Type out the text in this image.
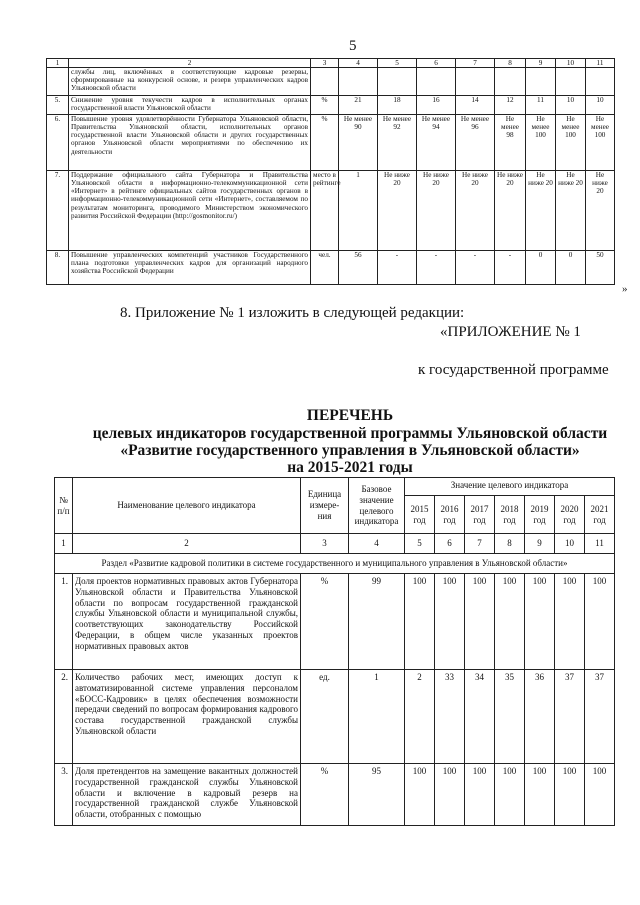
5
1	2	3	4	5	6	7	8	9	10	11
	службы лиц, включённых в соответствующие кадровые резервы, сформированные на конкурсной основе, и резерв управленческих кадров Ульяновской области									
5.	Снижение уровня текучести кадров в исполнительных органах государственной власти Ульяновской области	%	21	18	16	14	12	11	10	10
6.	Повышение уровня удовлетворённости Губернатора Ульяновской области, Правительства Ульяновской области, исполнительных органов государственной власти Ульяновской области и других государственных органов Ульяновской области мероприятиями по обеспечению их деятельности	%	Не менее 90	Не менее 92	Не менее 94	Не менее 96	Не менее 98	Не менее 100	Не менее 100	Не менее 100
7.	Поддержание официального сайта Губернатора и Правительства Ульяновской области в информационно-телекоммуникационной сети «Интернет» в рейтинге официальных сайтов государственных органов в информационно-телекоммуникационной сети «Интернет», составляемом по результатам мониторинга, проводимого Министерством экономического развития Российской Федерации (http://gosmonitor.ru/)	место в рейтинге	1	Не ниже 20	Не ниже 20	Не ниже 20	Не ниже 20	Не ниже 20	Не ниже 20	Не ниже 20
8.	Повышение управленческих компетенций участников Государственного плана подготовки управленческих кадров для организаций народного хозяйства Российской Федерации	чел.	56	-	-	-	-	0	0	50
»
8. Приложение № 1 изложить в следующей редакции:
«ПРИЛОЖЕНИЕ № 1
к государственной программе
ПЕРЕЧЕНЬ
целевых индикаторов государственной программы Ульяновской области
«Развитие государственного управления в Ульяновской области»
на 2015-2021 годы
№ п/п	Наименование целевого индикатора	Единица измере-ния	Базовое значение целевого индикатора	Значение целевого индикатора						
				2015 год	2016 год	2017 год	2018 год	2019 год	2020 год	2021 год
1	2	3	4	5	6	7	8	9	10	11
Раздел «Развитие кадровой политики в системе государственного и муниципального управления в Ульяновской области»										
1.	Доля проектов нормативных правовых актов Губернатора Ульяновской области и Правительства Ульяновской области по вопросам государственной гражданской службы Ульяновской области и муниципальной службы, соответствующих законодательству Российской Федерации, в общем числе указанных проектов нормативных правовых актов	%	99	100	100	100	100	100	100	100
2.	Количество рабочих мест, имеющих доступ к автоматизированной системе управления персоналом «БОСС-Кадровик» в целях обеспечения возможности передачи сведений по вопросам формирования кадрового состава государственной гражданской службы Ульяновской области	ед.	1	2	33	34	35	36	37	37
3.	Доля претендентов на замещение вакантных должностей государственной гражданской службы Ульяновской области и включение в кадровый резерв на государственной гражданской службе Ульяновской области, отобранных с помощью	%	95	100	100	100	100	100	100	100
